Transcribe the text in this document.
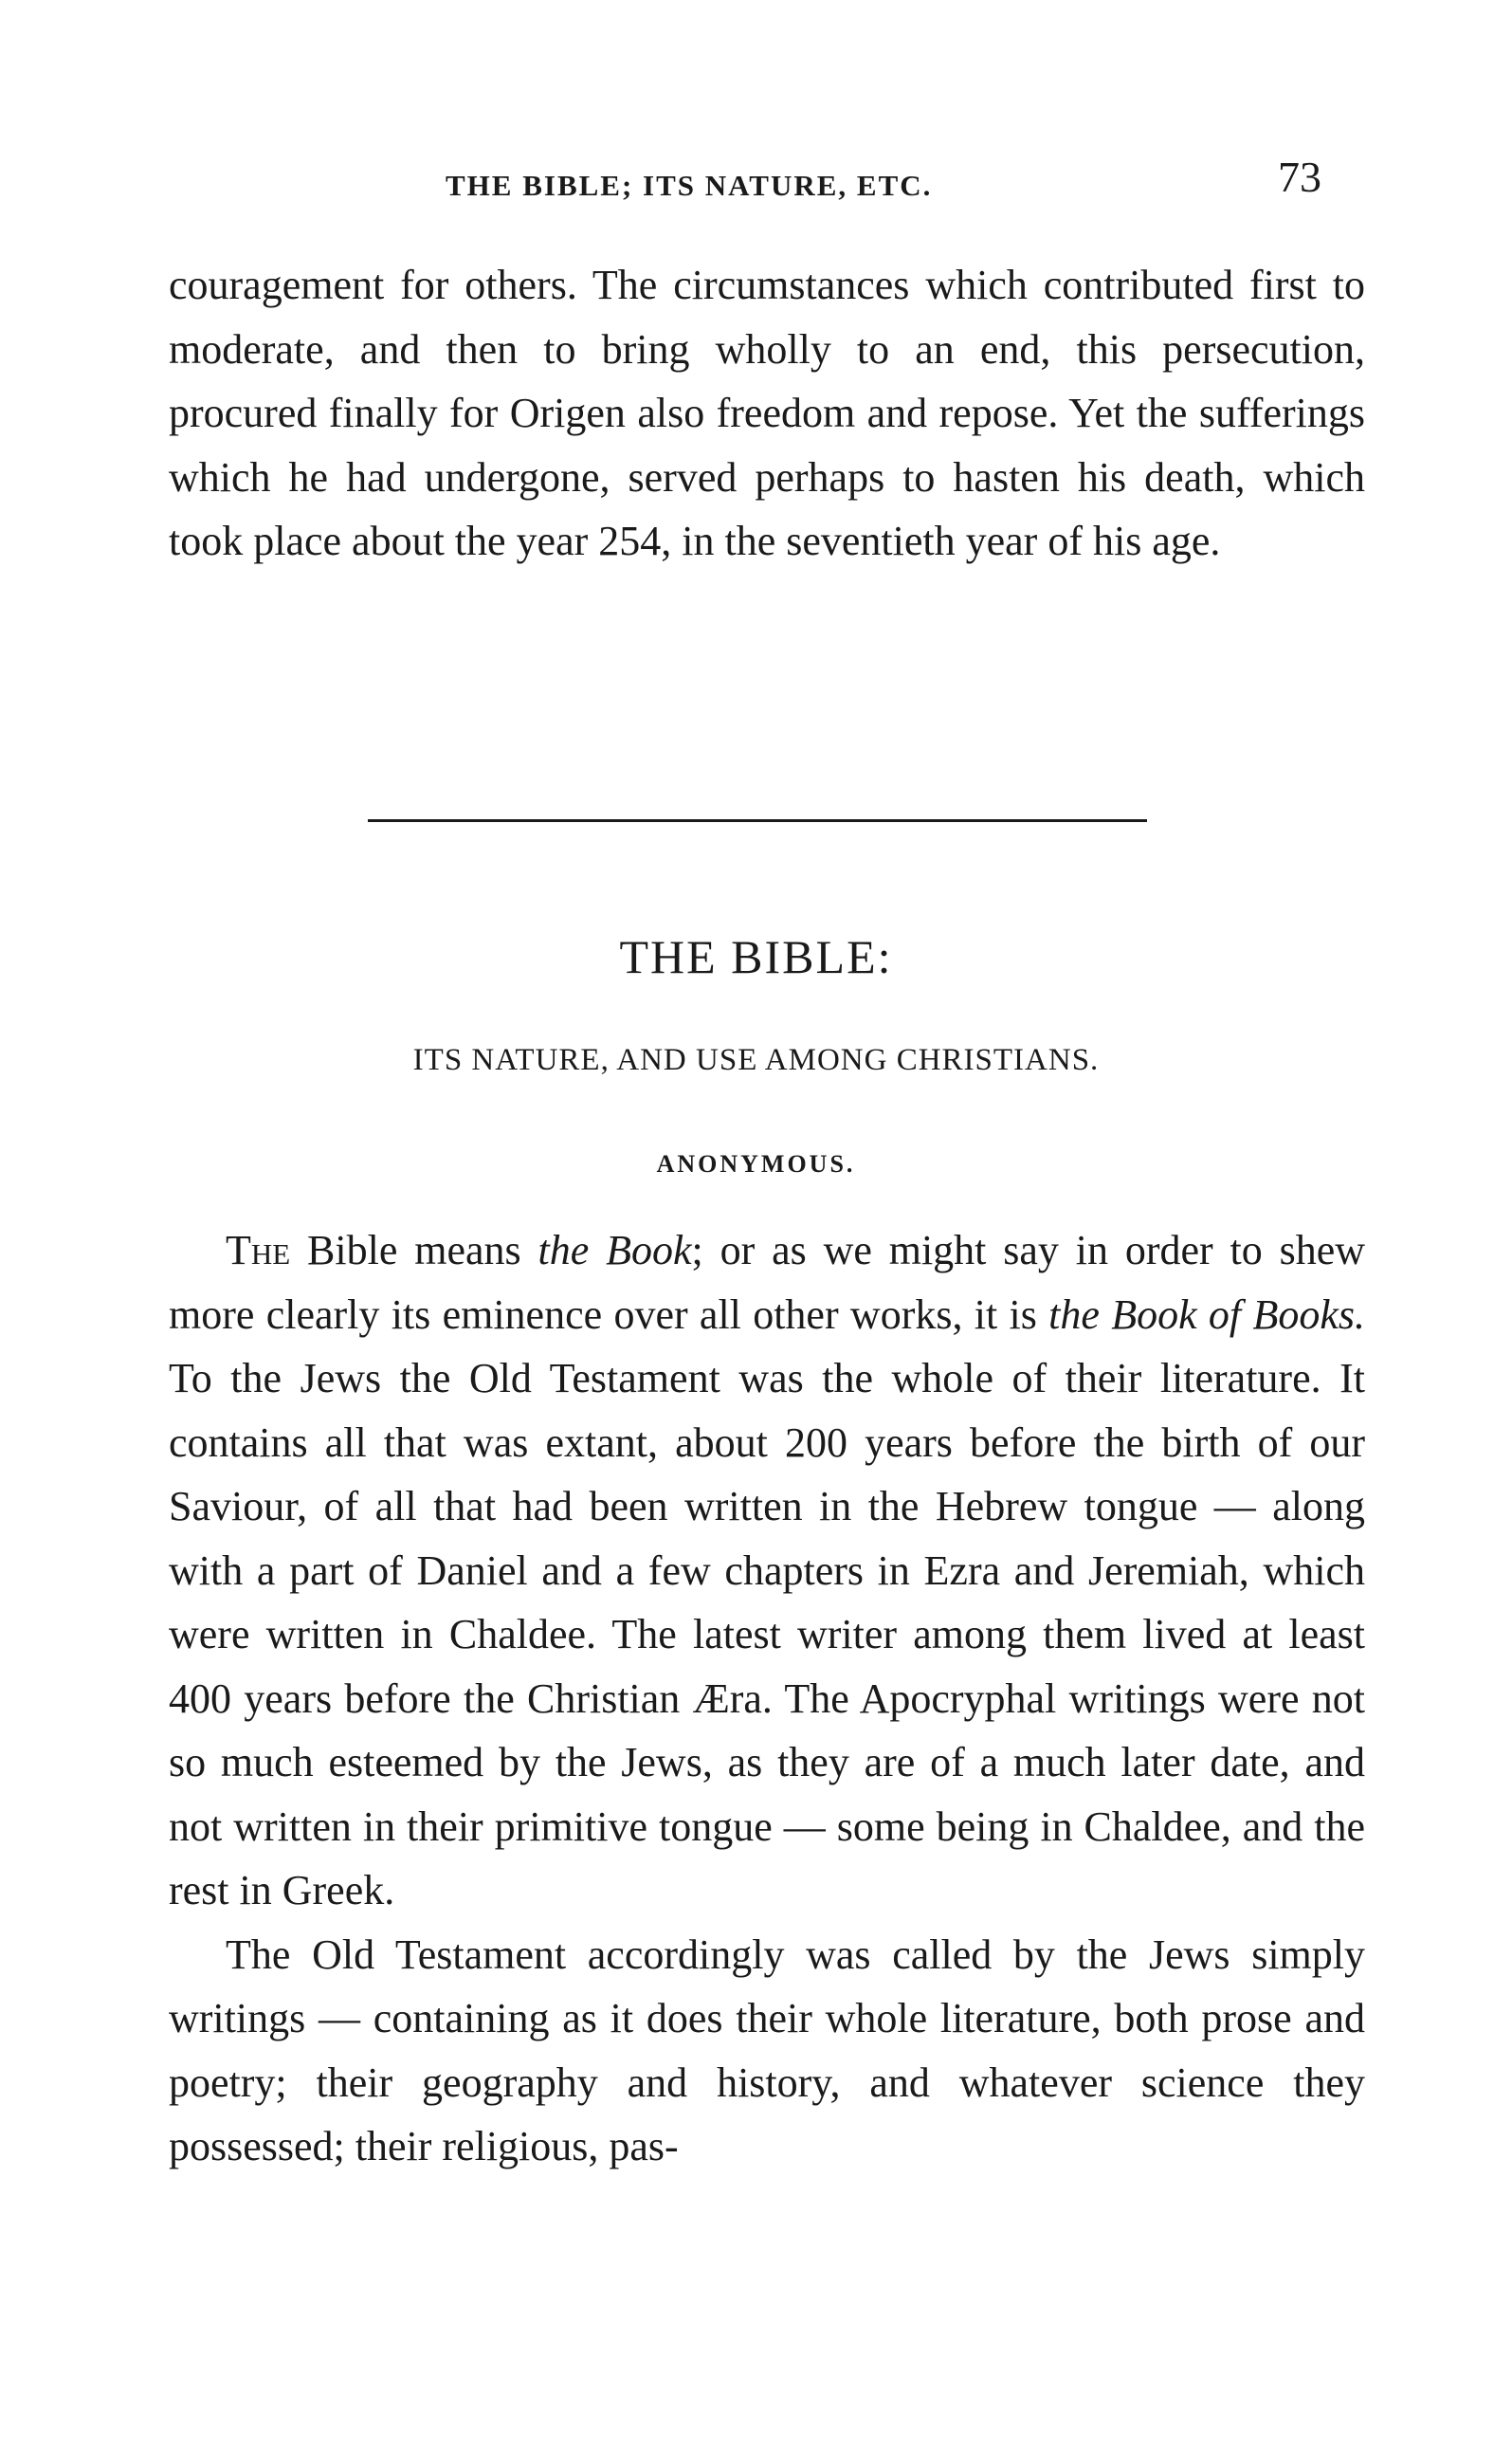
THE BIBLE; ITS NATURE, ETC.	73

couragement for others. The circumstances which contributed first to moderate, and then to bring wholly to an end, this persecution, procured finally for Origen also freedom and repose. Yet the sufferings which he had undergone, served perhaps to hasten his death, which took place about the year 254, in the seventieth year of his age.

THE BIBLE:
ITS NATURE, AND USE AMONG CHRISTIANS.
ANONYMOUS.

The Bible means the Book; or as we might say in order to shew more clearly its eminence over all other works, it is the Book of Books. To the Jews the Old Testament was the whole of their literature. It contains all that was extant, about 200 years before the birth of our Saviour, of all that had been written in the Hebrew tongue — along with a part of Daniel and a few chapters in Ezra and Jeremiah, which were written in Chaldee. The latest writer among them lived at least 400 years before the Christian Æra. The Apocryphal writings were not so much esteemed by the Jews, as they are of a much later date, and not written in their primitive tongue — some being in Chaldee, and the rest in Greek.

The Old Testament accordingly was called by the Jews simply writings — containing as it does their whole literature, both prose and poetry; their geography and history, and whatever science they possessed; their religious, pas-
